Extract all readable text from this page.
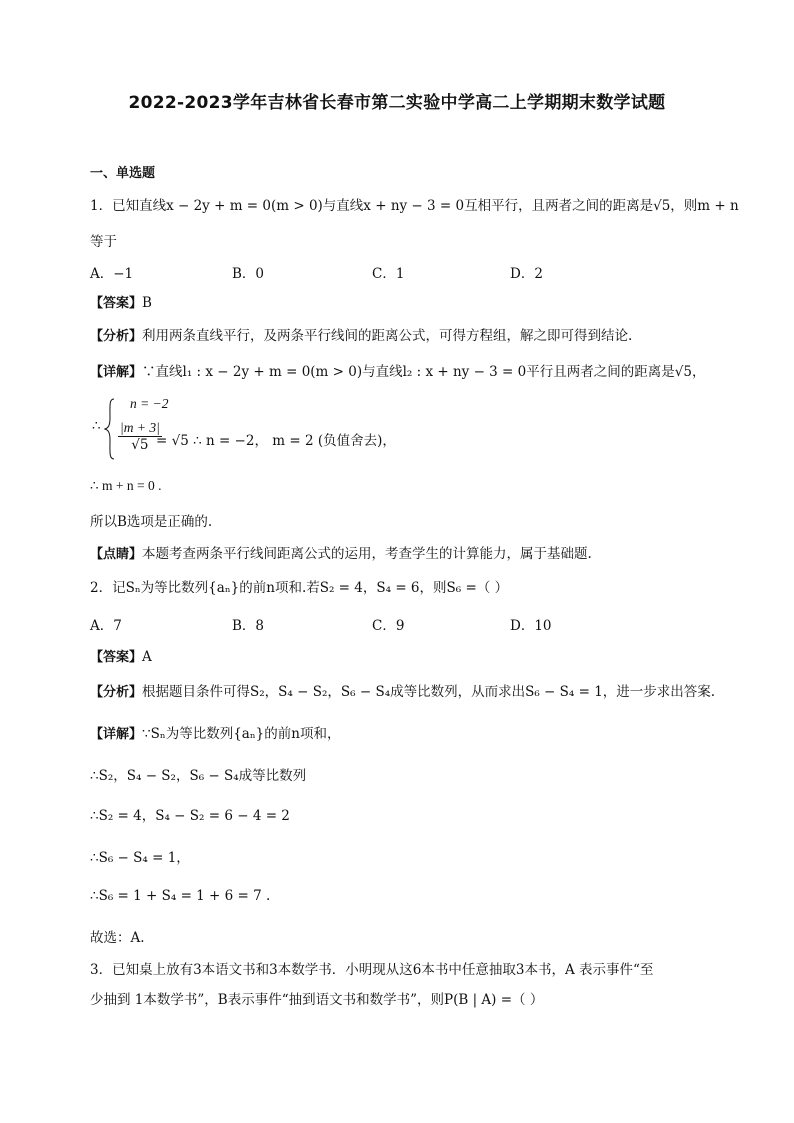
2022-2023学年吉林省长春市第二实验中学高二上学期期末数学试题
一、单选题
1．已知直线x − 2y + m = 0(m > 0)与直线x + ny − 3 = 0互相平行，且两者之间的距离是√5，则m + n
等于
A．−1	B．0	C．1	D．2
【答案】B
【分析】利用两条直线平行，及两条平行线间的距离公式，可得方程组，解之即可得到结论.
【详解】∵直线l₁ : x − 2y + m = 0(m > 0)与直线l₂ : x + ny − 3 = 0平行且两者之间的距离是√5，
∴
n = −2
$\frac{|m + 3|}{√5}$
= √5 ∴ n = −2， m = 2 (负值舍去)，
∴ m + n = 0 .
所以B选项是正确的.
【点睛】本题考查两条平行线间距离公式的运用，考查学生的计算能力，属于基础题.
2．记Sₙ为等比数列{aₙ}的前n项和.若S₂ = 4，S₄ = 6，则S₆ =（ ）
A．7	B．8	C．9	D．10
【答案】A
【分析】根据题目条件可得S₂，S₄ − S₂，S₆ − S₄成等比数列，从而求出S₆ − S₄ = 1，进一步求出答案.
【详解】∵Sₙ为等比数列{aₙ}的前n项和，
∴S₂，S₄ − S₂，S₆ − S₄成等比数列
∴S₂ = 4，S₄ − S₂ = 6 − 4 = 2
∴S₆ − S₄ = 1，
∴S₆ = 1 + S₄ = 1 + 6 = 7 .
故选：A.
3．已知桌上放有3本语文书和3本数学书．小明现从这6本书中任意抽取3本书，A 表示事件“至
少抽到 1本数学书”，B表示事件“抽到语文书和数学书”，则P(B | A) =（ ）
